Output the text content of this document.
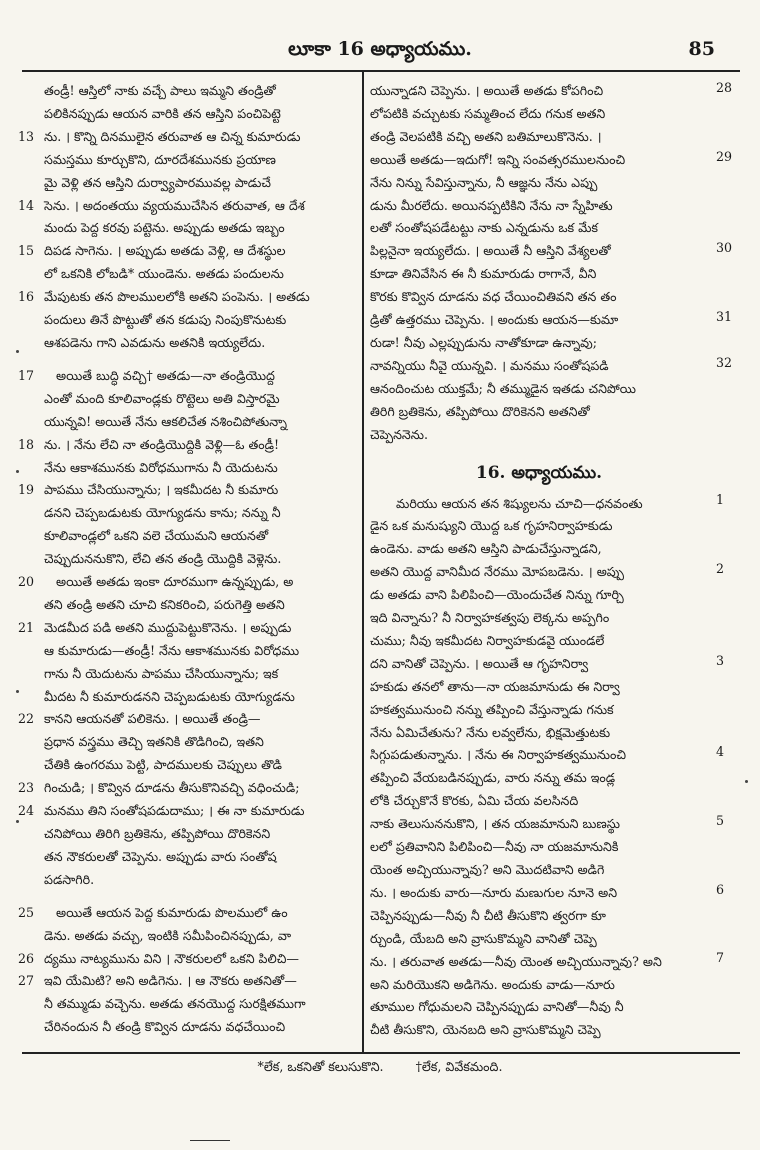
లూకా 16 అధ్యాయము.	85
తండ్రీ! ఆస్తిలో నాకు వచ్చే పాలు ఇమ్మని తండ్రితో
పలికినప్పుడు ఆయన వారికి తన ఆస్తిని పంచిపెట్టె
13 ను. । కొన్ని దినములైన తరువాత ఆ చిన్న కుమారుడు
సమస్తము కూర్చుకొని, దూరదేశమునకు ప్రయాణ
మై వెళ్లి తన ఆస్తిని దుర్వ్యాపారమువల్ల పాడుచే
14 సెను. । అదంతయు వ్యయముచేసిన తరువాత, ఆ దేశ
మందు పెద్ద కరవు పట్టెను. అప్పుడు అతడు ఇబ్బం
15 దిపడ సాగెను. । అప్పుడు అతడు వెళ్లి, ఆ దేశస్థుల
లో ఒకనికి లోబడి* యుండెను. అతడు పందులను
16 మేపుటకు తన పొలములలోకి అతని పంపెను. । అతడు
పందులు తినే పొట్టుతో తన కడుపు నింపుకొనుటకు
ఆశపడెను గాని ఎవడును అతనికి ఇయ్యలేదు.
17 అయితే బుద్ధి వచ్చి† అతడు—నా తండ్రియొద్ద
ఎంతో మంది కూలివాండ్లకు రొట్టెలు అతి విస్తారమై
యున్నవి! అయితే నేను ఆకలిచేత నశించిపోతున్నా
18 ను. । నేను లేచి నా తండ్రియొద్దికి వెళ్లి—ఓ తండ్రీ!
నేను ఆకాశమునకు విరోధముగాను నీ యెదుటను
19 పాపము చేసియున్నాను; । ఇకమీదట నీ కుమారు
డనని చెప్పబడుటకు యోగ్యుడను కాను; నన్ను నీ
కూలివాండ్లలో ఒకని వలె చేయుమని ఆయనతో
చెప్పుదుననుకొని, లేచి తన తండ్రి యొద్దికి వెళ్లెను.
20 అయితే అతడు ఇంకా దూరముగా ఉన్నప్పుడు, అ
తని తండ్రి అతని చూచి కనికరించి, పరుగెత్తి అతని
21 మెడమీద పడి అతని ముద్దుపెట్టుకొనెను. । అప్పుడు
ఆ కుమారుడు—తండ్రీ! నేను ఆకాశమునకు విరోధము
గాను నీ యెదుటను పాపము చేసియున్నాను; ఇక
మీదట నీ కుమారుడనని చెప్పబడుటకు యోగ్యుడను
22 కానని ఆయనతో పలికెను. । అయితే తండ్రి—
ప్రధాన వస్త్రము తెచ్చి ఇతనికి తొడిగించి, ఇతని
చేతికి ఉంగరము పెట్టి, పాదములకు చెప్పులు తొడి
23 గించుడి; । కొవ్విన దూడను తీసుకొనివచ్చి వధించుడి;
24 మనము తిని సంతోషపడుదాము; । ఈ నా కుమారుడు
చనిపోయి తిరిగి బ్రతికెను, తప్పిపోయి దొరికెనని
తన నౌకరులతో చెప్పెను. అప్పుడు వారు సంతోష
పడసాగిరి.
25 అయితే ఆయన పెద్ద కుమారుడు పొలములో ఉం
డెను. అతడు వచ్చు, ఇంటికి సమీపించినప్పుడు, వా
26 ద్యము నాట్యమును విని । నౌకరులలో ఒకని పిలిచి—
27 ఇవి యేమిటి? అని అడిగెను. । ఆ నౌకరు అతనితో—
నీ తమ్ముడు వచ్చెను. అతడు తనయొద్ద సురక్షితముగా
చేరినందున నీ తండ్రి కొవ్విన దూడను వధచేయించి
యున్నాడని చెప్పెను. । అయితే అతడు కోపగించి
లోపటికి వచ్చుటకు సమ్మతించ లేదు గనుక అతని
తండ్రి వెలపటికి వచ్చి అతని బతిమాలుకొనెను. ।
అయితే అతడు—ఇదుగో! ఇన్ని సంవత్సరములనుంచి
నేను నిన్ను సేవిస్తున్నాను, నీ ఆజ్ఞను నేను ఎప్పు
డును మీరలేదు. అయినప్పటికిని నేను నా స్నేహితు
లతో సంతోషపడేటట్టు నాకు ఎన్నడును ఒక మేక
పిల్లనైనా ఇయ్యలేదు. । అయితే నీ ఆస్తిని వేశ్యలతో
కూడా తినివేసిన ఈ నీ కుమారుడు రాగానే, వీని
కొరకు కొవ్విన దూడను వధ చేయించితివని తన తం
డ్రితో ఉత్తరము చెప్పెను. । అందుకు ఆయన—కుమా
రుడా! నీవు ఎల్లప్పుడును నాతోకూడా ఉన్నావు;
నావన్నియు నీవై యున్నవి. । మనము సంతోషపడి
ఆనందించుట యుక్తమే; నీ తమ్ముడైన ఇతడు చనిపోయి
తిరిగి బ్రతికెను, తప్పిపోయి దొరికెనని అతనితో
చెప్పెననెను.
16. అధ్యాయము.
మరియు ఆయన తన శిష్యులను చూచి—ధనవంతు
డైన ఒక మనుష్యుని యొద్ద ఒక గృహనిర్వాహకుడు
ఉండెను. వాడు అతని ఆస్తిని పాడుచేస్తున్నాడని,
అతని యొద్ద వానిమీద నేరము మోపబడెను. । అప్పు
డు అతడు వాని పిలిపించి—యెందుచేత నిన్ను గూర్చి
ఇది విన్నాను? నీ నిర్వాహకత్వపు లెక్కను అప్పగిం
చుము; నీవు ఇకమీదట నిర్వాహకుడవై యుండలే
దని వానితో చెప్పెను. । అయితే ఆ గృహనిర్వా
హకుడు తనలో తాను—నా యజమానుడు ఈ నిర్వా
హకత్వమునుంచి నన్ను తప్పించి వేస్తున్నాడు గనుక
నేను ఏమిచేతును? నేను లవ్వలేను, భిక్షమెత్తుటకు
సిగ్గుపడుతున్నాను. । నేను ఈ నిర్వాహకత్వమునుంచి
తప్పించి వేయబడినప్పుడు, వారు నన్ను తమ ఇండ్ల
లోకి చేర్చుకొనే కొరకు, ఏమి చేయ వలసినది
నాకు తెలుసుననుకొని, । తన యజమానుని బుణస్థు
లలో ప్రతివానిని పిలిపించి—నీవు నా యజమానునికి
యెంత అచ్చియున్నావు? అని మొదటివాని అడిగె
ను. । అందుకు వారు—నూరు మణుగుల నూనె అని
చెప్పినప్పుడు—నీవు నీ చీటి తీసుకొని త్వరగా కూ
ర్చుండి, యేబది అని వ్రాసుకొమ్మని వానితో చెప్పె
ను. । తరువాత అతడు—నీవు యెంత అచ్చియున్నావు? అని
అని మరియొకని అడిగెను. అందుకు వాడు—నూరు
తూముల గోధుమలని చెప్పినప్పుడు వానితో—నీవు నీ
చీటి తీసుకొని, యెనబది అని వ్రాసుకొమ్మని చెప్పె
28
29
30
31
32
1
2
3
4
5
6
7
*లేక, ఒకనితో కలుసుకొని.	†లేక, వివేకమంది.
